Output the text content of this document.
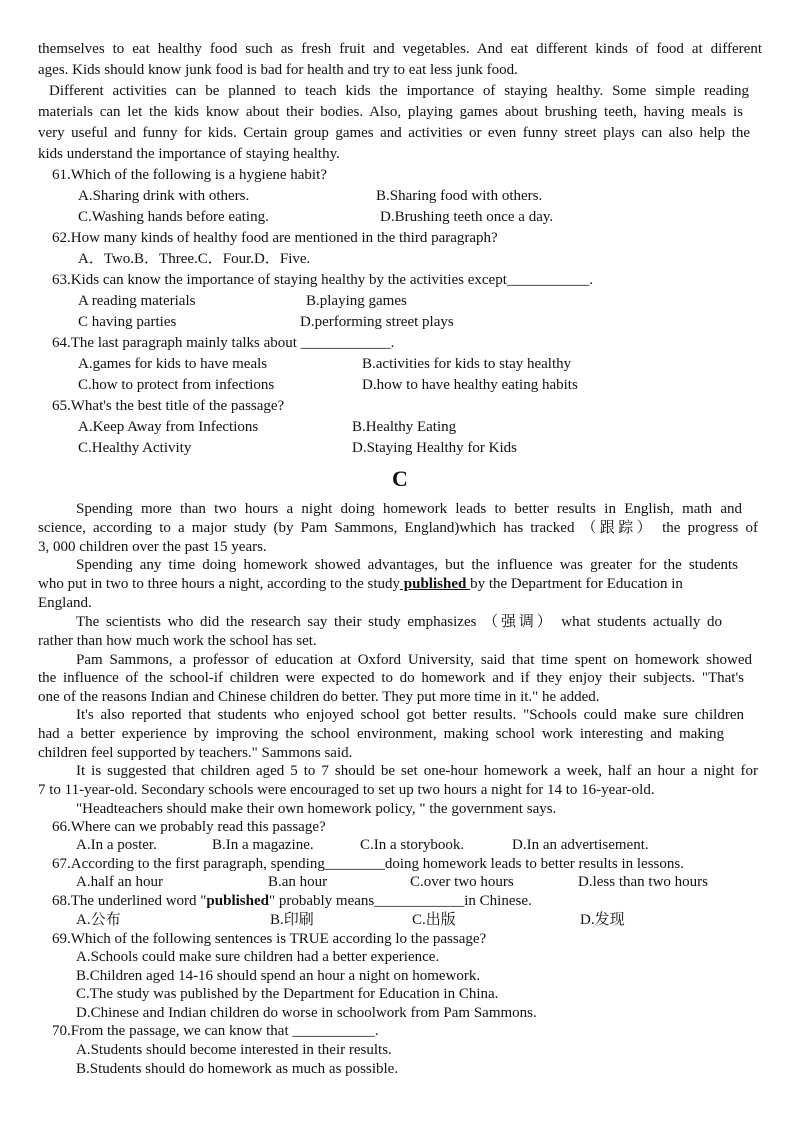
themselves to eat healthy food such as fresh fruit and vegetables. And eat different kinds of food at different
ages. Kids should know junk food is bad for health and try to eat less junk food.
Different activities can be planned to teach kids the importance of staying healthy. Some simple reading
materials can let the kids know about their bodies. Also, playing games about brushing teeth, having meals is
very useful and funny for kids. Certain group games and activities or even funny street plays can also help the
kids understand the importance of staying healthy.
61.Which of the following is a hygiene habit?
A.Sharing drink with others.	B.Sharing food with others.
C.Washing hands before eating.	D.Brushing teeth once a day.
62.How many kinds of healthy food are mentioned in the third paragraph?
A．Two.B．Three.C．Four.D．Five.
63.Kids can know the importance of staying healthy by the activities except___________.
A reading materials	B.playing games
C having parties	D.performing street plays
64.The last paragraph mainly talks about ____________.
A.games for kids to have meals	B.activities for kids to stay healthy
C.how to protect from infections	D.how to have healthy eating habits
65.What's the best title of the passage?
A.Keep Away from Infections	B.Healthy Eating
C.Healthy Activity	D.Staying Healthy for Kids
C
Spending more than two hours a night doing homework leads to better results in English, math and
science, according to a major study (by Pam Sammons, England)which has tracked （跟踪） the progress of
3, 000 children over the past 15 years.
Spending any time doing homework showed advantages, but the influence was greater for the students
who put in two to three hours a night, according to the study published by the Department for Education in
England.
The scientists who did the research say their study emphasizes （强调） what students actually do
rather than how much work the school has set.
Pam Sammons, a professor of education at Oxford University, said that time spent on homework showed
the influence of the school-if children were expected to do homework and if they enjoy their subjects. "That's
one of the reasons Indian and Chinese children do better. They put more time in it." he added.
It's also reported that students who enjoyed school got better results. "Schools could make sure children
had a better experience by improving the school environment, making school work interesting and making
children feel supported by teachers." Sammons said.
It is suggested that children aged 5 to 7 should be set one-hour homework a week, half an hour a night for
7 to 11-year-old. Secondary schools were encouraged to set up two hours a night for 14 to 16-year-old.
"Headteachers should make their own homework policy, " the government says.
66.Where can we probably read this passage?
A.In a poster.	B.In a magazine.	C.In a storybook.	D.In an advertisement.
67.According to the first paragraph, spending________doing homework leads to better results in lessons.
A.half an hour	B.an hour	C.over two hours	D.less than two hours
68.The underlined word "published" probably means____________in Chinese.
A.公布	B.印刷	C.出版	D.发现
69.Which of the following sentences is TRUE according lo the passage?
A.Schools could make sure children had a better experience.
B.Children aged 14-16 should spend an hour a night on homework.
C.The study was published by the Department for Education in China.
D.Chinese and Indian children do worse in schoolwork from Pam Sammons.
70.From the passage, we can know that ___________.
A.Students should become interested in their results.
B.Students should do homework as much as possible.
